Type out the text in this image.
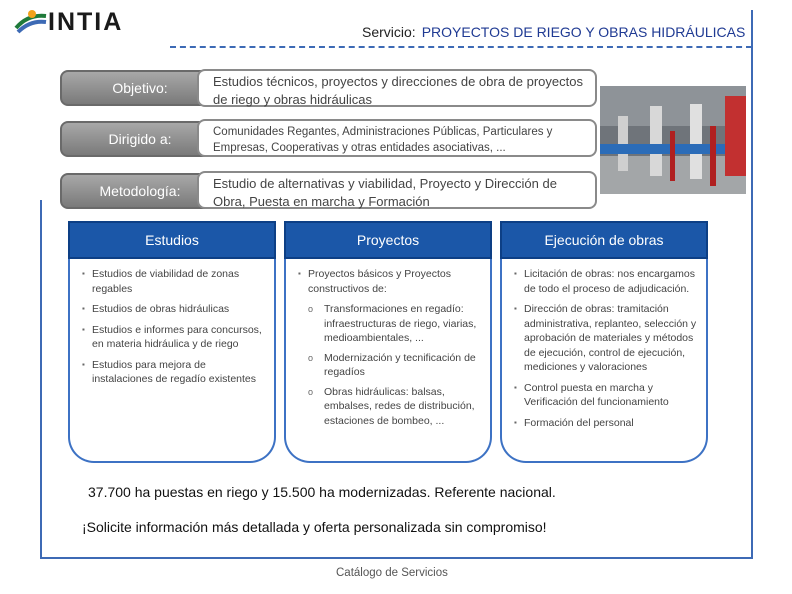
INTIA	Servicio: PROYECTOS DE RIEGO Y OBRAS HIDRÁULICAS
Objetivo:	Estudios técnicos, proyectos y direcciones de obra de proyectos de riego y obras hidráulicas
Dirigido a:	Comunidades Regantes, Administraciones Públicas, Particulares y Empresas, Cooperativas y otras entidades asociativas, ...
Metodología:	Estudio de alternativas y viabilidad, Proyecto y Dirección de Obra, Puesta en marcha y Formación
Estudios
▪ Estudios de viabilidad de zonas regables
▪ Estudios de obras hidráulicas
▪ Estudios e informes para concursos, en materia hidráulica y de riego
▪ Estudios para mejora de instalaciones de regadío existentes
Proyectos
▪ Proyectos básicos y Proyectos constructivos de:
o Transformaciones en regadío: infraestructuras de riego, viarias, medioambientales, ...
o Modernización y tecnificación de regadíos
o Obras hidráulicas: balsas, embalses, redes de distribución, estaciones de bombeo, ...
Ejecución de obras
▪ Licitación de obras: nos encargamos de todo el proceso de adjudicación.
▪ Dirección de obras: tramitación administrativa, replanteo, selección y aprobación de materiales y métodos de ejecución, control de ejecución, mediciones y valoraciones
▪ Control puesta en marcha y Verificación del funcionamiento
▪ Formación del personal
37.700 ha puestas en riego y 15.500 ha modernizadas. Referente nacional.
¡Solicite información más detallada y oferta personalizada sin compromiso!
Catálogo de Servicios
